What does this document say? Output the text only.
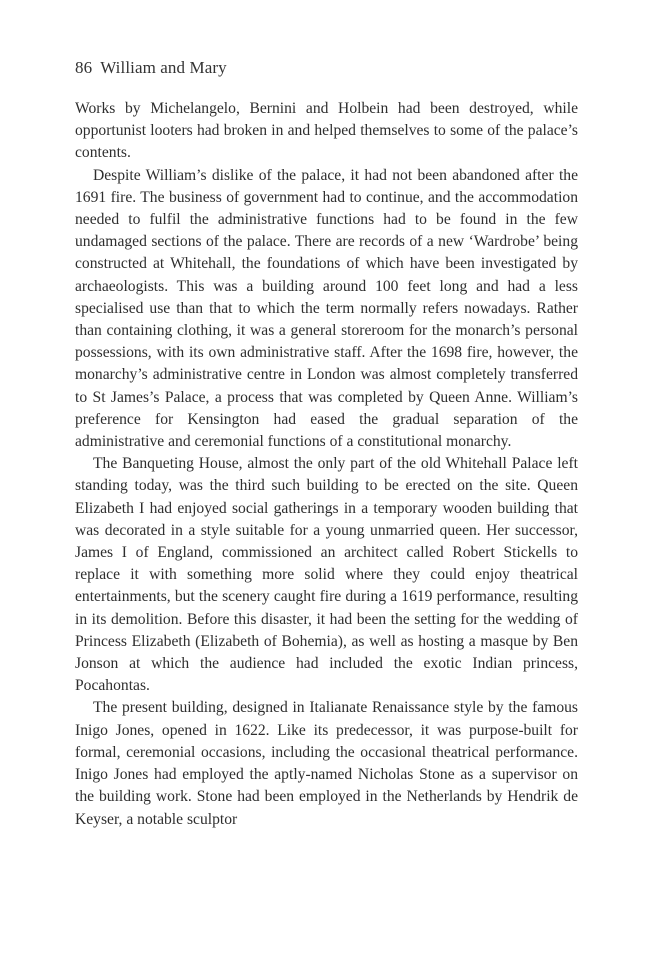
86 William and Mary

Works by Michelangelo, Bernini and Holbein had been destroyed, while opportunist looters had broken in and helped themselves to some of the palace’s contents.

Despite William’s dislike of the palace, it had not been abandoned after the 1691 fire. The business of government had to continue, and the accommodation needed to fulfil the administrative functions had to be found in the few undamaged sections of the palace. There are records of a new ‘Wardrobe’ being constructed at Whitehall, the foundations of which have been investigated by archaeologists. This was a building around 100 feet long and had a less specialised use than that to which the term normally refers nowadays. Rather than containing clothing, it was a general storeroom for the monarch’s personal possessions, with its own administrative staff. After the 1698 fire, however, the monarchy’s administrative centre in London was almost completely transferred to St James’s Palace, a process that was completed by Queen Anne. William’s preference for Kensington had eased the gradual separation of the administrative and ceremonial functions of a constitutional monarchy.

The Banqueting House, almost the only part of the old Whitehall Palace left standing today, was the third such building to be erected on the site. Queen Elizabeth I had enjoyed social gatherings in a temporary wooden building that was decorated in a style suitable for a young unmarried queen. Her successor, James I of England, commissioned an architect called Robert Stickells to replace it with something more solid where they could enjoy theatrical entertainments, but the scenery caught fire during a 1619 performance, resulting in its demolition. Before this disaster, it had been the setting for the wedding of Princess Elizabeth (Elizabeth of Bohemia), as well as hosting a masque by Ben Jonson at which the audience had included the exotic Indian princess, Pocahontas.

The present building, designed in Italianate Renaissance style by the famous Inigo Jones, opened in 1622. Like its predecessor, it was purpose-built for formal, ceremonial occasions, including the occasional theatrical performance. Inigo Jones had employed the aptly-named Nicholas Stone as a supervisor on the building work. Stone had been employed in the Netherlands by Hendrik de Keyser, a notable sculptor
